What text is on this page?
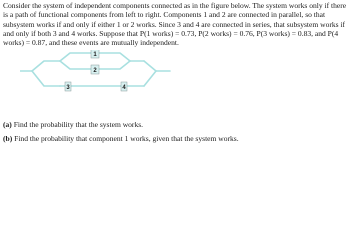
Consider the system of independent components connected as in the figure below. The system works only if there is a path of functional components from left to right. Components 1 and 2 are connected in parallel, so that subsystem works if and only if either 1 or 2 works. Since 3 and 4 are connected in series, that subsystem works if and only if both 3 and 4 works. Suppose that P(1 works) = 0.73, P(2 works) = 0.76, P(3 works) = 0.83, and P(4 works) = 0.87, and these events are mutually independent.

1
2
3	4

(a) Find the probability that the system works.

(b) Find the probability that component 1 works, given that the system works.
